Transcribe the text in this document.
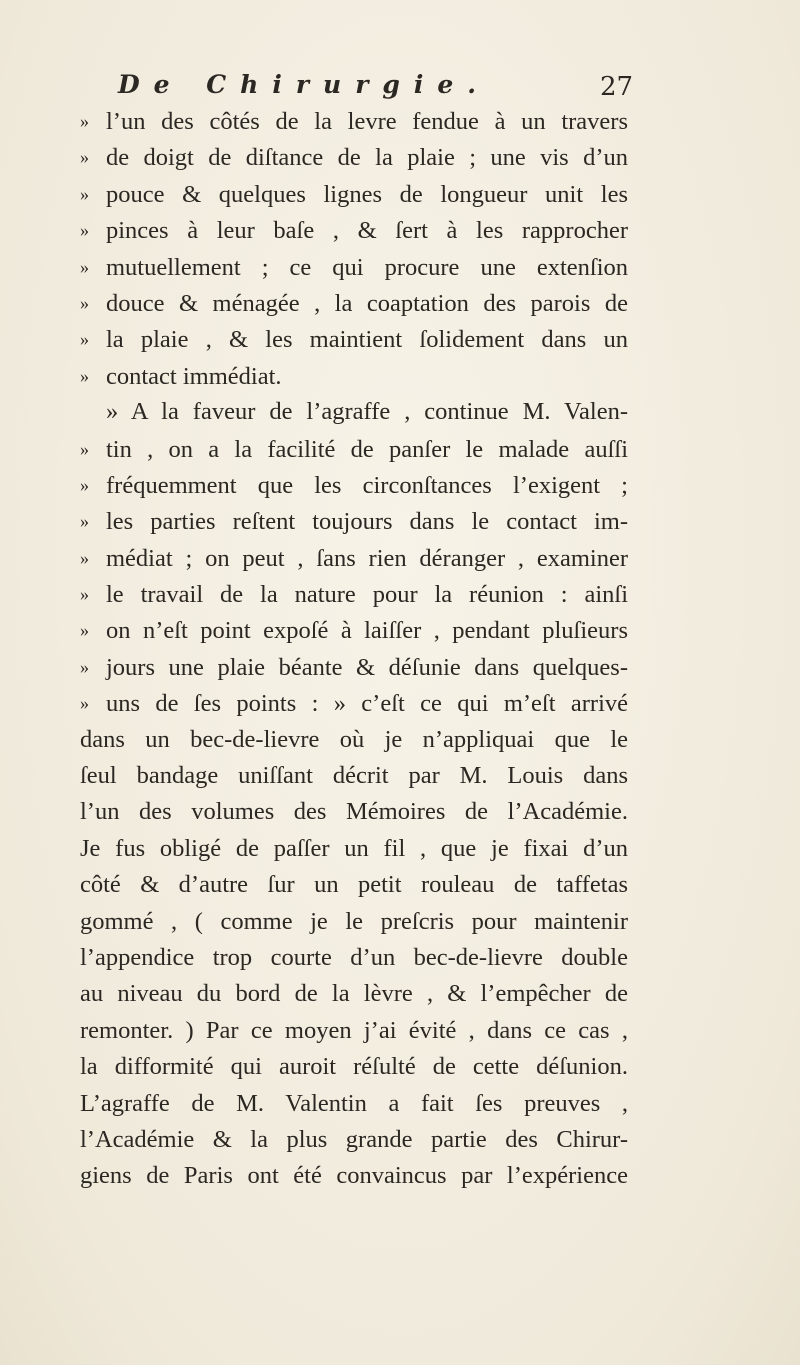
De Chirurgie.	27
» l’un des côtés de la levre fendue à un travers
» de doigt de diſtance de la plaie ; une vis d’un
» pouce & quelques lignes de longueur unit les
» pinces à leur baſe , & ſert à les rapprocher
» mutuellement ; ce qui procure une extenſion
» douce & ménagée , la coaptation des parois de
» la plaie , & les maintient ſolidement dans un
» contact immédiat.
» A la faveur de l’agraffe , continue M. Valen-
» tin , on a la facilité de panſer le malade auſſi
» fréquemment que les circonſtances l’exigent ;
» les parties reſtent toujours dans le contact im-
» médiat ; on peut , ſans rien déranger , examiner
» le travail de la nature pour la réunion : ainſi
» on n’eſt point expoſé à laiſſer , pendant pluſieurs
» jours une plaie béante & déſunie dans quelques-
» uns de ſes points : » c’eſt ce qui m’eſt arrivé
dans un bec-de-lievre où je n’appliquai que le
ſeul bandage uniſſant décrit par M. Louis dans
l’un des volumes des Mémoires de l’Académie.
Je fus obligé de paſſer un fil , que je fixai d’un
côté & d’autre ſur un petit rouleau de taffetas
gommé , ( comme je le preſcris pour maintenir
l’appendice trop courte d’un bec-de-lievre double
au niveau du bord de la lèvre , & l’empêcher de
remonter. ) Par ce moyen j’ai évité , dans ce cas ,
la difformité qui auroit réſulté de cette déſunion.
L’agraffe de M. Valentin a fait ſes preuves ,
l’Académie & la plus grande partie des Chirur-
giens de Paris ont été convaincus par l’expérience
